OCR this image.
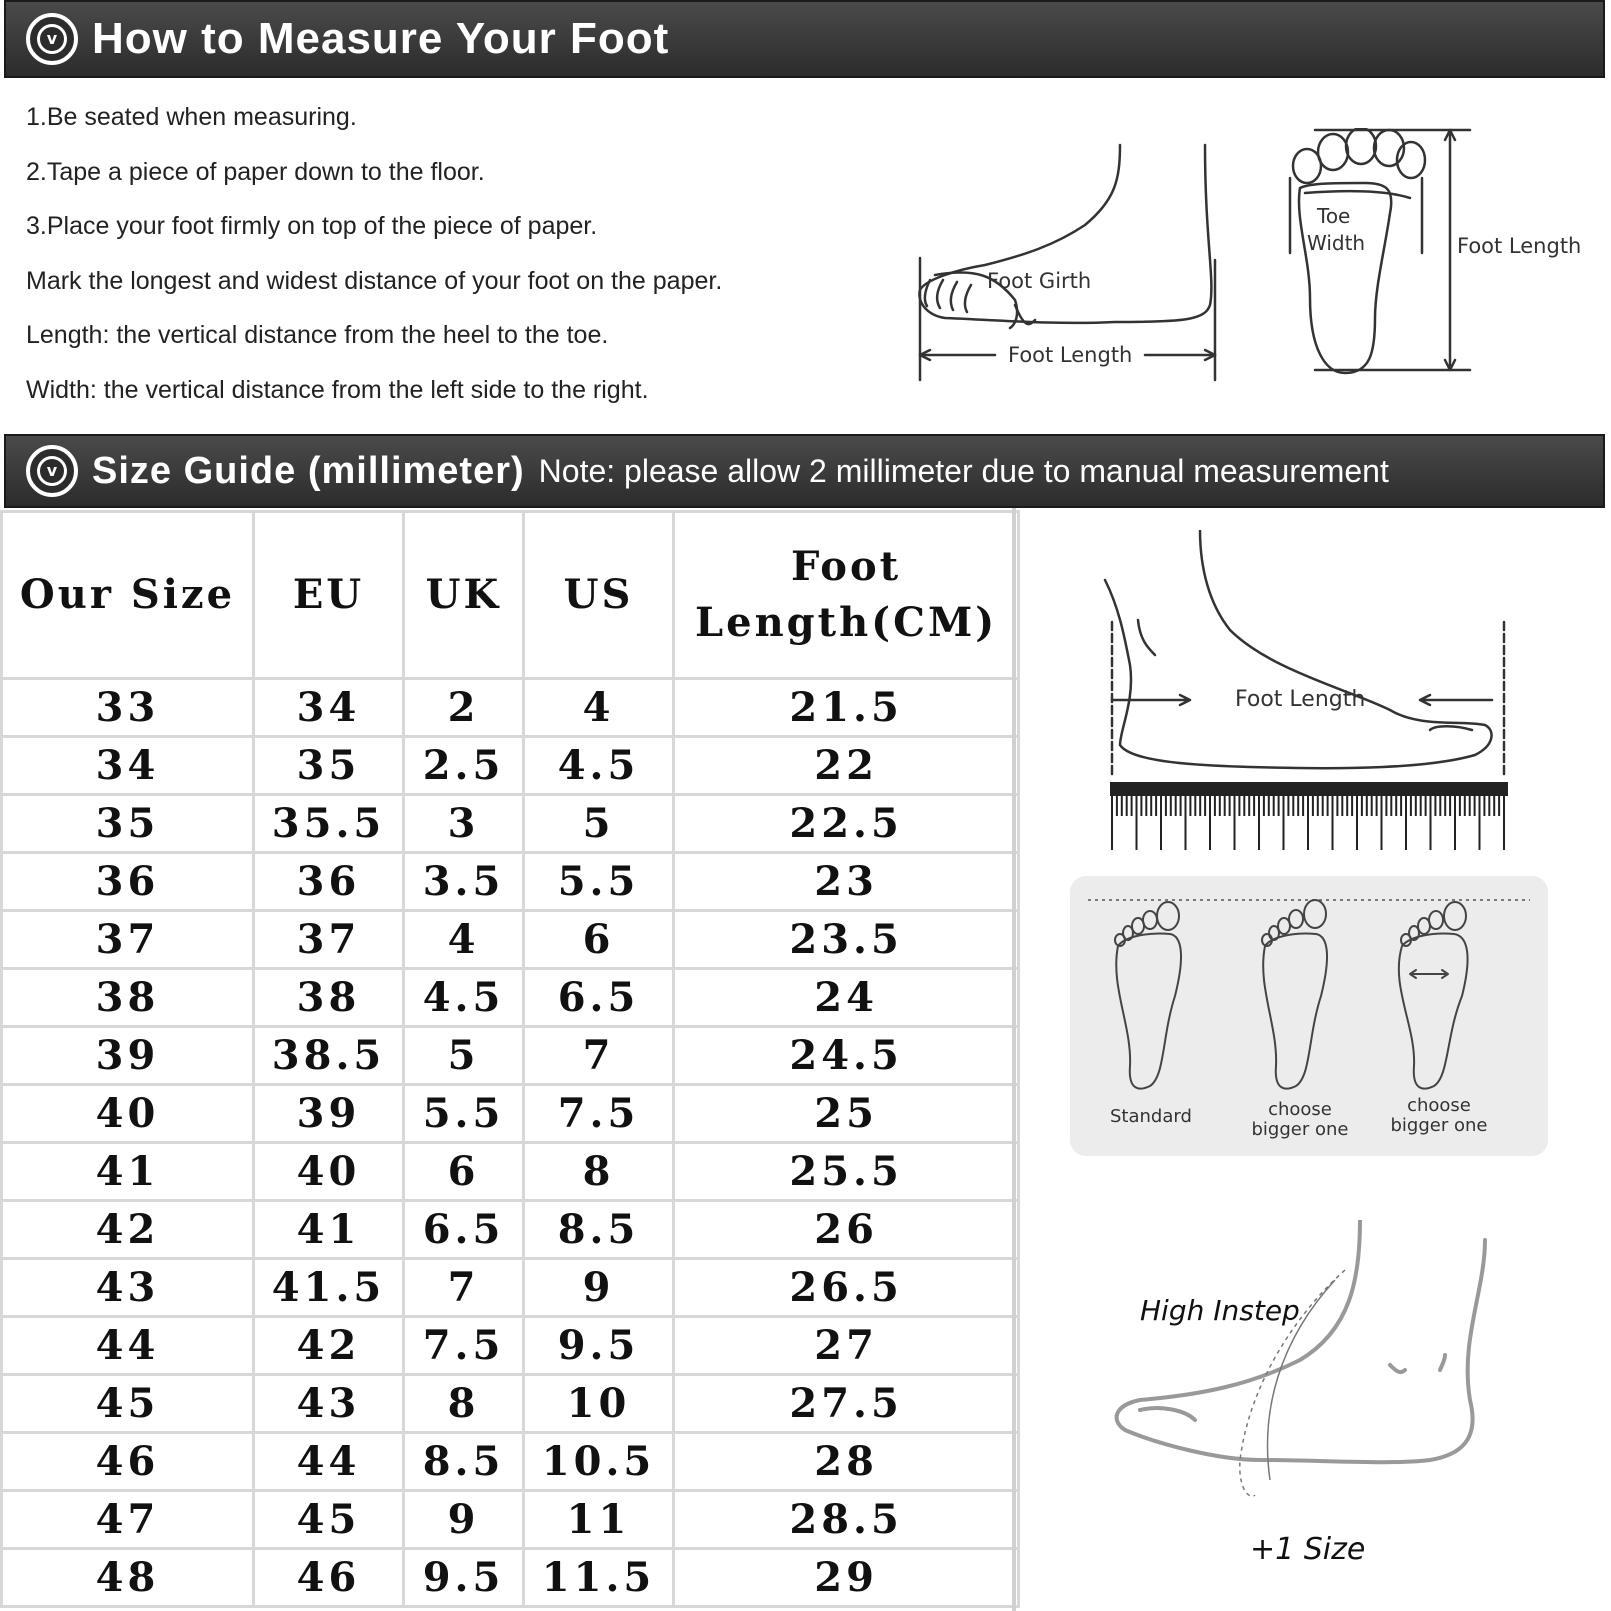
v How to Measure Your Foot
1.Be seated when measuring.
2.Tape a piece of paper down to the floor.
3.Place your foot firmly on top of the piece of paper.
Mark the longest and widest distance of your foot on the paper.
Length: the vertical distance from the heel to the toe.
Width: the vertical distance from the left side to the right.
Foot Girth
Foot Length
Toe
Width	Foot Length
v Size Guide (millimeter) Note: please allow 2 millimeter due to manual measurement
Our Size	EU	UK	US	Foot Length(CM)
33	34	2	4	21.5
34	35	2.5	4.5	22
35	35.5	3	5	22.5
36	36	3.5	5.5	23
37	37	4	6	23.5
38	38	4.5	6.5	24
39	38.5	5	7	24.5
40	39	5.5	7.5	25
41	40	6	8	25.5
42	41	6.5	8.5	26
43	41.5	7	9	26.5
44	42	7.5	9.5	27
45	43	8	10	27.5
46	44	8.5	10.5	28
47	45	9	11	28.5
48	46	9.5	11.5	29
Foot Length
Standard	choose
bigger one
choose
bigger one
High Instep
+1 Size
